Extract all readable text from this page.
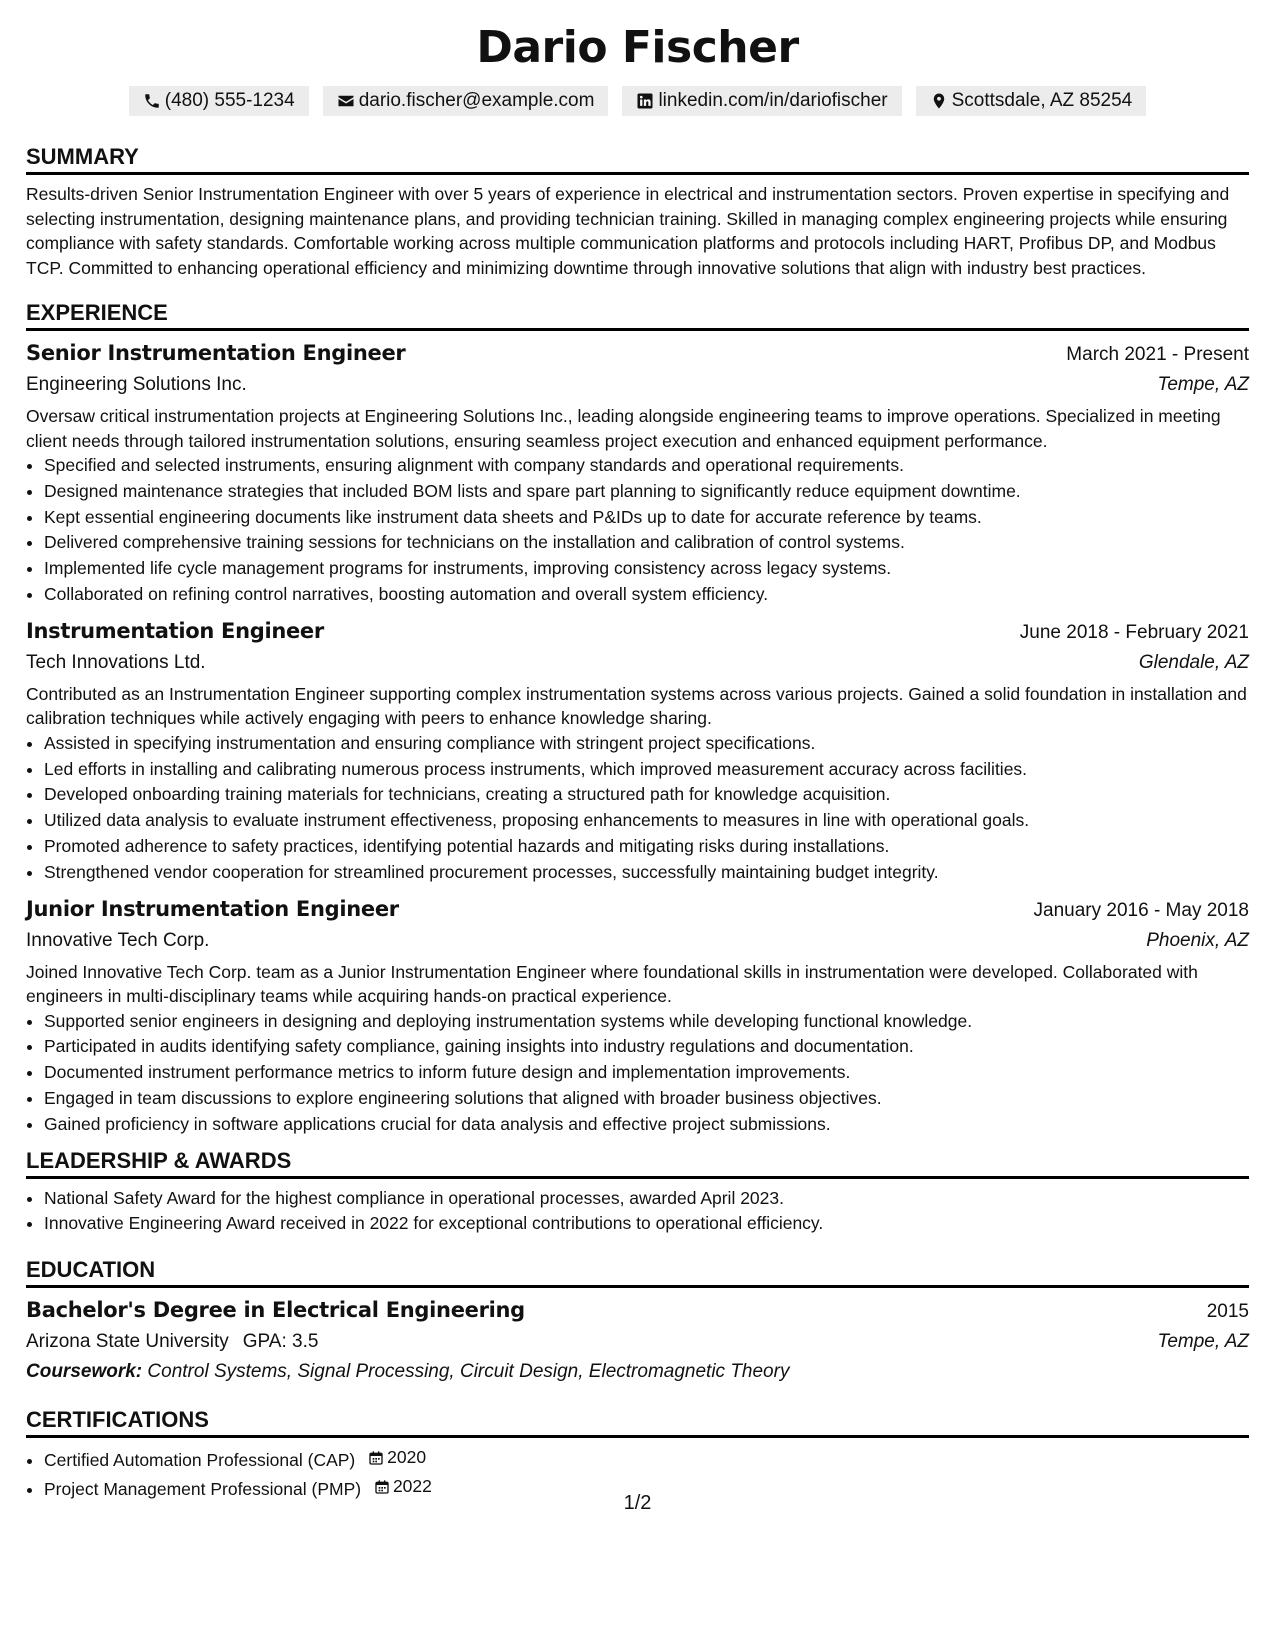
Dario Fischer
(480) 555-1234	dario.fischer@example.com	linkedin.com/in/dariofischer	Scottsdale, AZ 85254
SUMMARY

Results-driven Senior Instrumentation Engineer with over 5 years of experience in electrical and instrumentation sectors. Proven expertise in specifying and selecting instrumentation, designing maintenance plans, and providing technician training. Skilled in managing complex engineering projects while ensuring compliance with safety standards. Comfortable working across multiple communication platforms and protocols including HART, Profibus DP, and Modbus TCP. Committed to enhancing operational efficiency and minimizing downtime through innovative solutions that align with industry best practices.

EXPERIENCE
Senior Instrumentation Engineer	March 2021 - Present
Engineering Solutions Inc.	Tempe, AZ

Oversaw critical instrumentation projects at Engineering Solutions Inc., leading alongside engineering teams to improve operations. Specialized in meeting client needs through tailored instrumentation solutions, ensuring seamless project execution and enhanced equipment performance.

• Specified and selected instruments, ensuring alignment with company standards and operational requirements.
• Designed maintenance strategies that included BOM lists and spare part planning to significantly reduce equipment downtime.
• Kept essential engineering documents like instrument data sheets and P&IDs up to date for accurate reference by teams.
• Delivered comprehensive training sessions for technicians on the installation and calibration of control systems.
• Implemented life cycle management programs for instruments, improving consistency across legacy systems.
• Collaborated on refining control narratives, boosting automation and overall system efficiency.
Instrumentation Engineer	June 2018 - February 2021
Tech Innovations Ltd.	Glendale, AZ

Contributed as an Instrumentation Engineer supporting complex instrumentation systems across various projects. Gained a solid foundation in installation and calibration techniques while actively engaging with peers to enhance knowledge sharing.

• Assisted in specifying instrumentation and ensuring compliance with stringent project specifications.
• Led efforts in installing and calibrating numerous process instruments, which improved measurement accuracy across facilities.
• Developed onboarding training materials for technicians, creating a structured path for knowledge acquisition.
• Utilized data analysis to evaluate instrument effectiveness, proposing enhancements to measures in line with operational goals.
• Promoted adherence to safety practices, identifying potential hazards and mitigating risks during installations.
• Strengthened vendor cooperation for streamlined procurement processes, successfully maintaining budget integrity.
Junior Instrumentation Engineer	January 2016 - May 2018
Innovative Tech Corp.	Phoenix, AZ

Joined Innovative Tech Corp. team as a Junior Instrumentation Engineer where foundational skills in instrumentation were developed. Collaborated with engineers in multi-disciplinary teams while acquiring hands-on practical experience.

• Supported senior engineers in designing and deploying instrumentation systems while developing functional knowledge.
• Participated in audits identifying safety compliance, gaining insights into industry regulations and documentation.
• Documented instrument performance metrics to inform future design and implementation improvements.
• Engaged in team discussions to explore engineering solutions that aligned with broader business objectives.
• Gained proficiency in software applications crucial for data analysis and effective project submissions.
LEADERSHIP & AWARDS
• National Safety Award for the highest compliance in operational processes, awarded April 2023.
• Innovative Engineering Award received in 2022 for exceptional contributions to operational efficiency.
EDUCATION
Bachelor's Degree in Electrical Engineering	2015
Arizona State University GPA: 3.5	Tempe, AZ
Coursework: Control Systems, Signal Processing, Circuit Design, Electromagnetic Theory
CERTIFICATIONS
• Certified Automation Professional (CAP) 2020
• Project Management Professional (PMP) 2022
1/2
